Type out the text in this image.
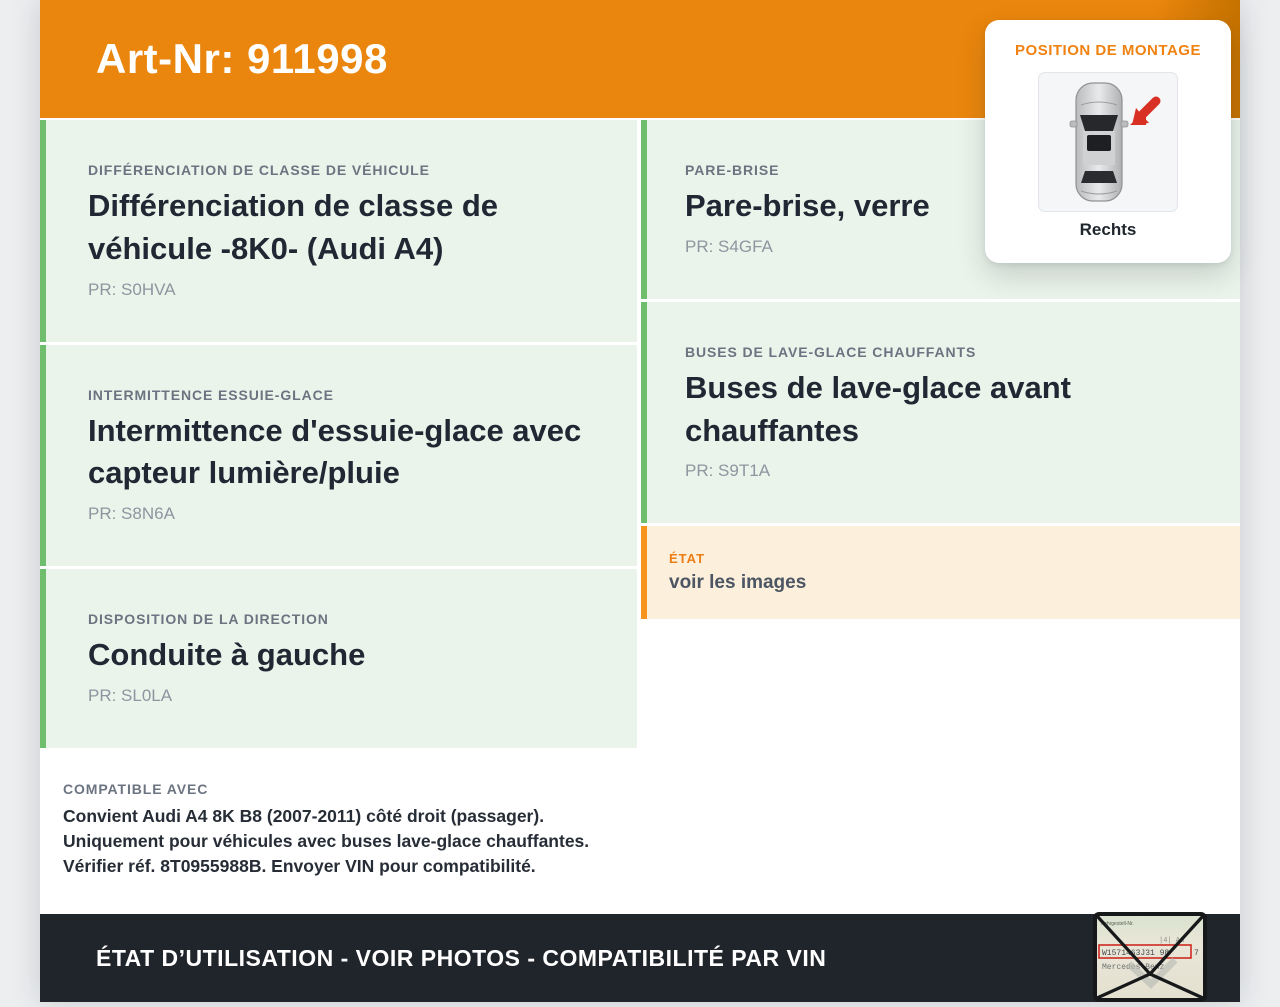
Art-Nr: 911998
DIFFÉRENCIATION DE CLASSE DE VÉHICULE
Différenciation de classe de véhicule -8K0- (Audi A4)
PR: S0HVA
INTERMITTENCE ESSUIE-GLACE
Intermittence d'essuie-glace avec capteur lumière/pluie
PR: S8N6A
DISPOSITION DE LA DIRECTION
Conduite à gauche
PR: SL0LA
COMPATIBLE AVEC
Convient Audi A4 8K B8 (2007-2011) côté droit (passager). Uniquement pour véhicules avec buses lave-glace chauffantes. Vérifier réf. 8T0955988B. Envoyer VIN pour compatibilité.
PARE-BRISE
Pare-brise, verre
PR: S4GFA
BUSES DE LAVE-GLACE CHAUFFANTS
Buses de lave-glace avant chauffantes
PR: S9T1A
ÉTAT
voir les images
POSITION DE MONTAGE
Rechts
ÉTAT D’UTILISATION - VOIR PHOTOS - COMPATIBILITÉ PAR VIN
Fahrgestell-Nr.
|4| Au
W1571463J31 98	7
Mercedes-Benz
